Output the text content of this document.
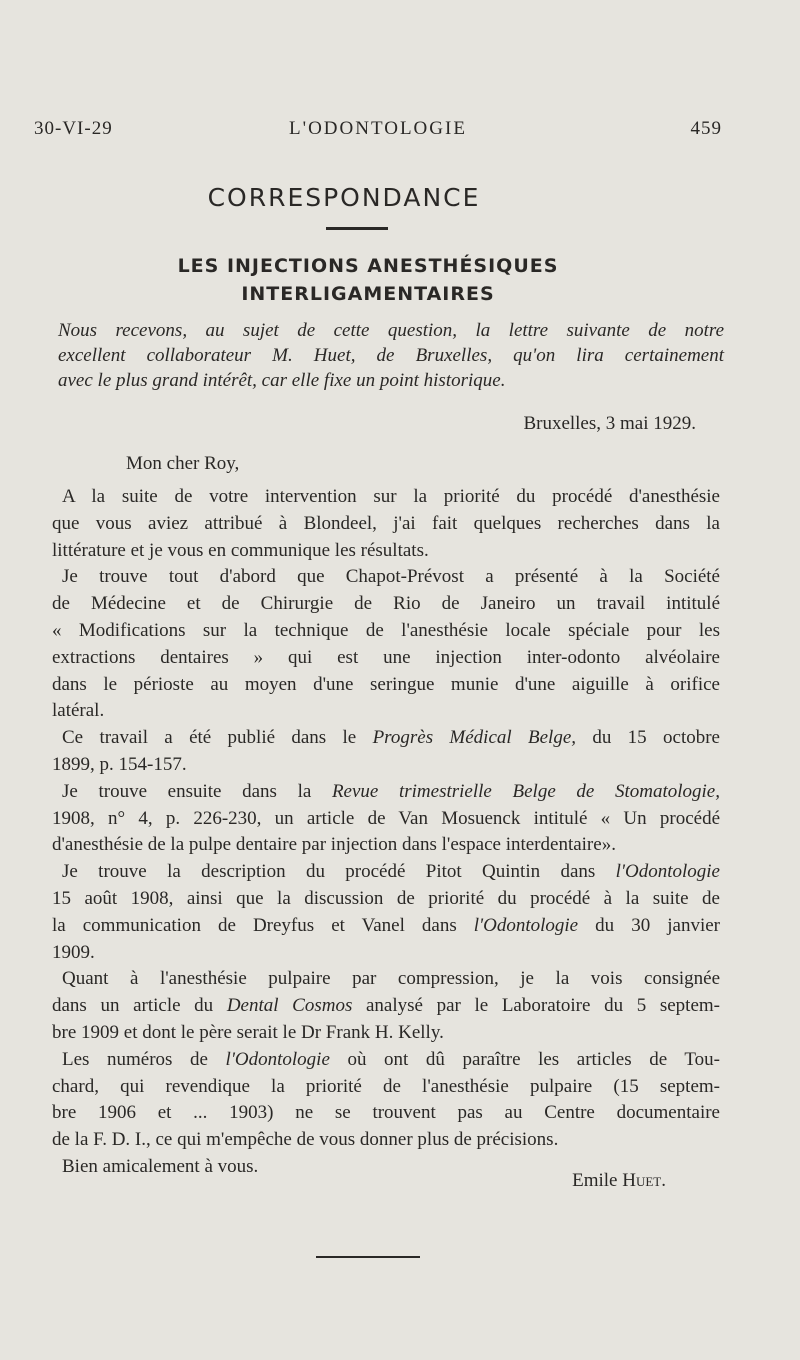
30-VI-29	L'ODONTOLOGIE	459
CORRESPONDANCE
LES INJECTIONS ANESTHÉSIQUES
INTERLIGAMENTAIRES
Nous recevons, au sujet de cette question, la lettre suivante de notre
excellent collaborateur M. Huet, de Bruxelles, qu'on lira certainement
avec le plus grand intérêt, car elle fixe un point historique.
Bruxelles, 3 mai 1929.
Mon cher Roy,

A la suite de votre intervention sur la priorité du procédé d'anesthésie
que vous aviez attribué à Blondeel, j'ai fait quelques recherches dans la
littérature et je vous en communique les résultats.

Je trouve tout d'abord que Chapot-Prévost a présenté à la Société
de Médecine et de Chirurgie de Rio de Janeiro un travail intitulé
« Modifications sur la technique de l'anesthésie locale spéciale pour les
extractions dentaires » qui est une injection inter-odonto alvéolaire
dans le périoste au moyen d'une seringue munie d'une aiguille à orifice
latéral.

Ce travail a été publié dans le Progrès Médical Belge, du 15 octobre
1899, p. 154-157.

Je trouve ensuite dans la Revue trimestrielle Belge de Stomatologie,
1908, n° 4, p. 226-230, un article de Van Mosuenck intitulé « Un procédé
d'anesthésie de la pulpe dentaire par injection dans l'espace interdentaire».

Je trouve la description du procédé Pitot Quintin dans l'Odontologie
15 août 1908, ainsi que la discussion de priorité du procédé à la suite de
la communication de Dreyfus et Vanel dans l'Odontologie du 30 janvier
1909.

Quant à l'anesthésie pulpaire par compression, je la vois consignée
dans un article du Dental Cosmos analysé par le Laboratoire du 5 septem-
bre 1909 et dont le père serait le Dr Frank H. Kelly.

Les numéros de l'Odontologie où ont dû paraître les articles de Tou-
chard, qui revendique la priorité de l'anesthésie pulpaire (15 septem-
bre 1906 et ... 1903) ne se trouvent pas au Centre documentaire
de la F. D. I., ce qui m'empêche de vous donner plus de précisions.

Bien amicalement à vous.

Emile Huet.
